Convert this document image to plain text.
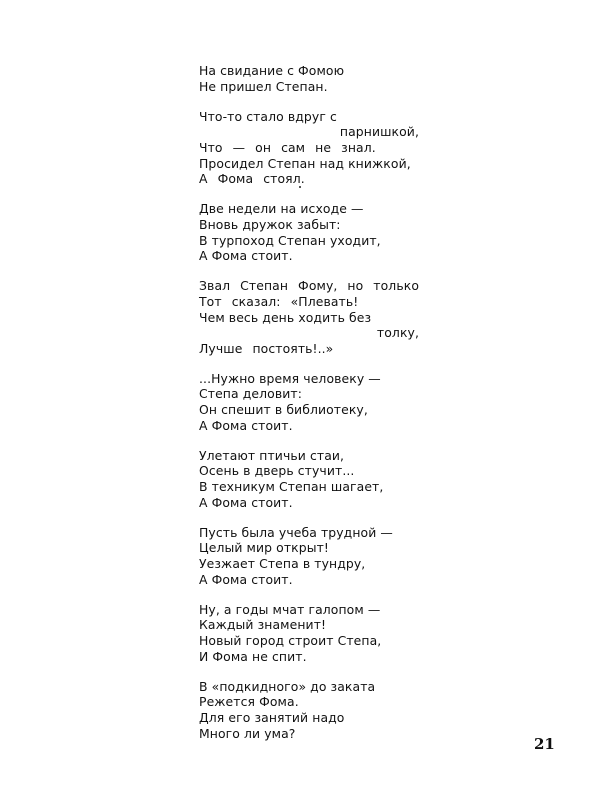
На свидание с Фомою
Не пришел Степан.
Что-то стало вдруг с
парнишкой,
Что — он сам не знал.
Просидел Степан над книжкой,
А Фома стоял.
Две недели на исходе —
Вновь дружок забыт:
В турпоход Степан уходит,
А Фома стоит.
Звал Степан Фому, но только
Тот сказал: «Плевать!
Чем весь день ходить без
толку,
Лучше постоять!..»
...Нужно время человеку —
Степа деловит:
Он спешит в библиотеку,
А Фома стоит.
Улетают птичьи стаи,
Осень в дверь стучит...
В техникум Степан шагает,
А Фома стоит.
Пусть была учеба трудной —
Целый мир открыт!
Уезжает Степа в тундру,
А Фома стоит.
Ну, а годы мчат галопом —
Каждый знаменит!
Новый город строит Степа,
И Фома не спит.
В «подкидного» до заката
Режется Фома.
Для его занятий надо
Много ли ума?
21
